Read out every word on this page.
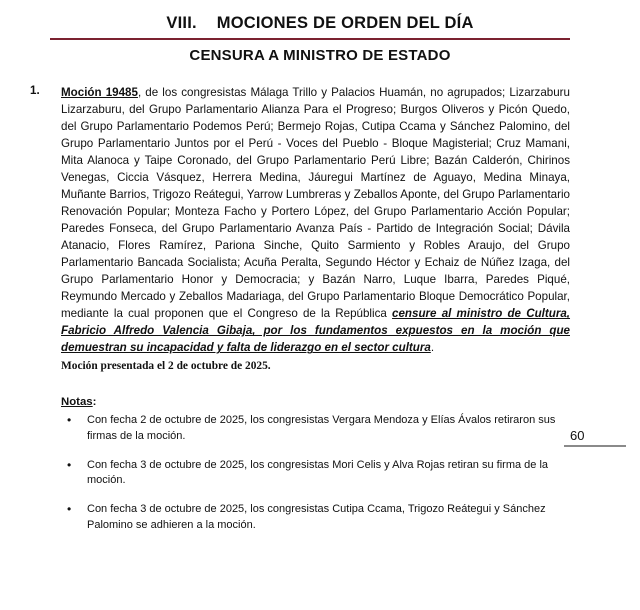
VIII. MOCIONES DE ORDEN DEL DÍA
CENSURA A MINISTRO DE ESTADO
1. Moción 19485, de los congresistas Málaga Trillo y Palacios Huamán, no agrupados; Lizarzaburu Lizarzaburu, del Grupo Parlamentario Alianza Para el Progreso; Burgos Oliveros y Picón Quedo, del Grupo Parlamentario Podemos Perú; Bermejo Rojas, Cutipa Ccama y Sánchez Palomino, del Grupo Parlamentario Juntos por el Perú - Voces del Pueblo - Bloque Magisterial; Cruz Mamani, Mita Alanoca y Taipe Coronado, del Grupo Parlamentario Perú Libre; Bazán Calderón, Chirinos Venegas, Ciccia Vásquez, Herrera Medina, Jáuregui Martínez de Aguayo, Medina Minaya, Muñante Barrios, Trigozo Reátegui, Yarrow Lumbreras y Zeballos Aponte, del Grupo Parlamentario Renovación Popular; Monteza Facho y Portero López, del Grupo Parlamentario Acción Popular; Paredes Fonseca, del Grupo Parlamentario Avanza País - Partido de Integración Social; Dávila Atanacio, Flores Ramírez, Pariona Sinche, Quito Sarmiento y Robles Araujo, del Grupo Parlamentario Bancada Socialista; Acuña Peralta, Segundo Héctor y Echaiz de Núñez Izaga, del Grupo Parlamentario Honor y Democracia; y Bazán Narro, Luque Ibarra, Paredes Piqué, Reymundo Mercado y Zeballos Madariaga, del Grupo Parlamentario Bloque Democrático Popular, mediante la cual proponen que el Congreso de la República censure al ministro de Cultura, Fabricio Alfredo Valencia Gibaja, por los fundamentos expuestos en la moción que demuestran su incapacidad y falta de liderazgo en el sector cultura.
Moción presentada el 2 de octubre de 2025.
60
Notas:
• Con fecha 2 de octubre de 2025, los congresistas Vergara Mendoza y Elías Ávalos retiraron sus firmas de la moción.
• Con fecha 3 de octubre de 2025, los congresistas Mori Celis y Alva Rojas retiran su firma de la moción.
• Con fecha 3 de octubre de 2025, los congresistas Cutipa Ccama, Trigozo Reátegui y Sánchez Palomino se adhieren a la moción.
